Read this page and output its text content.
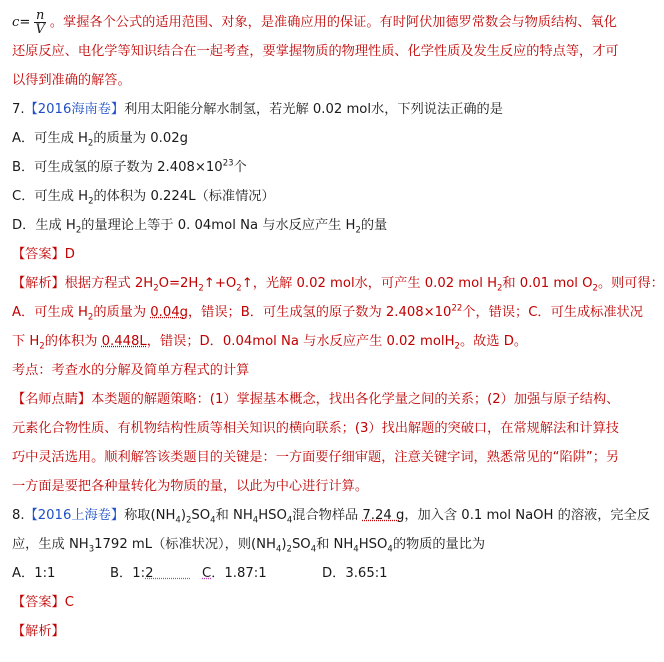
$c= \frac{n}{V}$ 。掌握各个公式的适用范围、对象，是准确应用的保证。有时阿伏加德罗常数会与物质结构、氧化
还原反应、电化学等知识结合在一起考查，要掌握物质的物理性质、化学性质及发生反应的特点等，才可
以得到准确的解答。
7.【2016海南卷】利用太阳能分解水制氢，若光解 0.02 mol水，下列说法正确的是
A．可生成 $H_2$的质量为 0.02g
B．可生成氢的原子数为 $2.408\times 10^{23}$个
C．可生成 $H_2$的体积为 0.224L（标准情况）
D．生成 $H_2$的量理论上等于 0. 04mol Na 与水反应产生 $H_2$的量
【答案】D
【解析】根据方程式 $2H_2O=2H_2↑+O_2↑$，光解 0.02 mol水，可产生 0.02 mol $H_2$和 0.01 mol $O_2$。则可得：
A．可生成 $H_2$的质量为 0.04g，错误；B．可生成氢的原子数为 $2.408\times 10^{22}$个，错误；C．可生成标准状况
下 $H_2$的体积为 0.448L，错误；D．0.04mol Na 与水反应产生 0.02 molH$_2$。故选 D。
考点：考查水的分解及简单方程式的计算
【名师点睛】本类题的解题策略：(1）掌握基本概念，找出各化学量之间的关系；(2）加强与原子结构、
元素化合物性质、有机物结构性质等相关知识的横向联系；(3）找出解题的突破口，在常规解法和计算技
巧中灵活选用。顺利解答该类题目的关键是：一方面要仔细审题，注意关键字词，熟悉常见的“陷阱”；另
一方面是要把各种量转化为物质的量，以此为中心进行计算。
8.【2016上海卷】称取$(NH_4)_2SO_4$和 $NH_4HSO_4$混合物样品 7.24 g，加入含 0.1 mol NaOH 的溶液，完全反
应，生成 $NH_31792$ mL（标准状况），则$(NH_4)_2SO_4$和 $NH_4HSO_4$的物质的量比为
A．1:1	B．1:2	C．1.87:1	D．3.65:1
【答案】C
【解析】
